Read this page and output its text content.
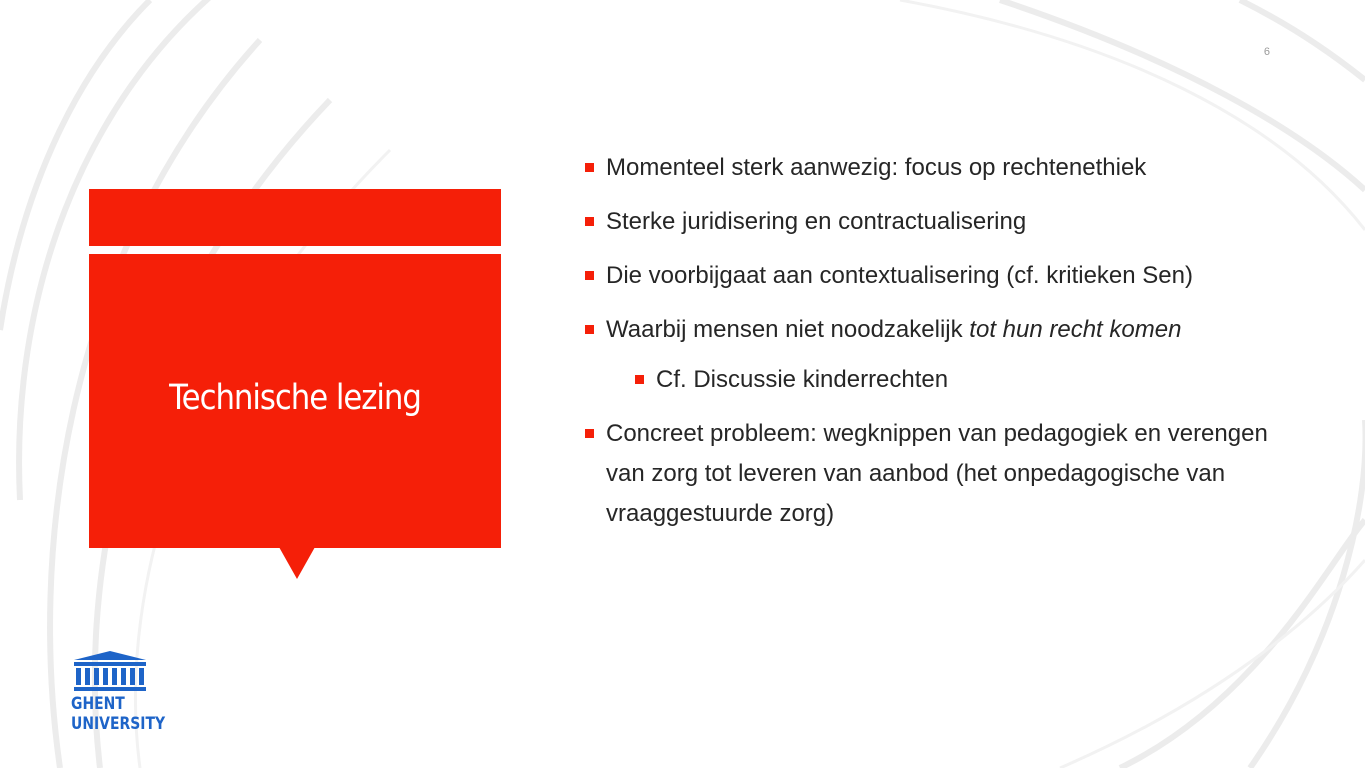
6
Technische lezing
Momenteel sterk aanwezig: focus op rechtenethiek
Sterke juridisering en contractualisering
Die voorbijgaat aan contextualisering (cf. kritieken Sen)
Waarbij mensen niet noodzakelijk tot hun recht komen
Cf. Discussie kinderrechten
Concreet probleem: wegknippen van pedagogiek en verengen van zorg tot leveren van aanbod (het onpedagogische van vraaggestuurde zorg)
GHENT
UNIVERSITY
